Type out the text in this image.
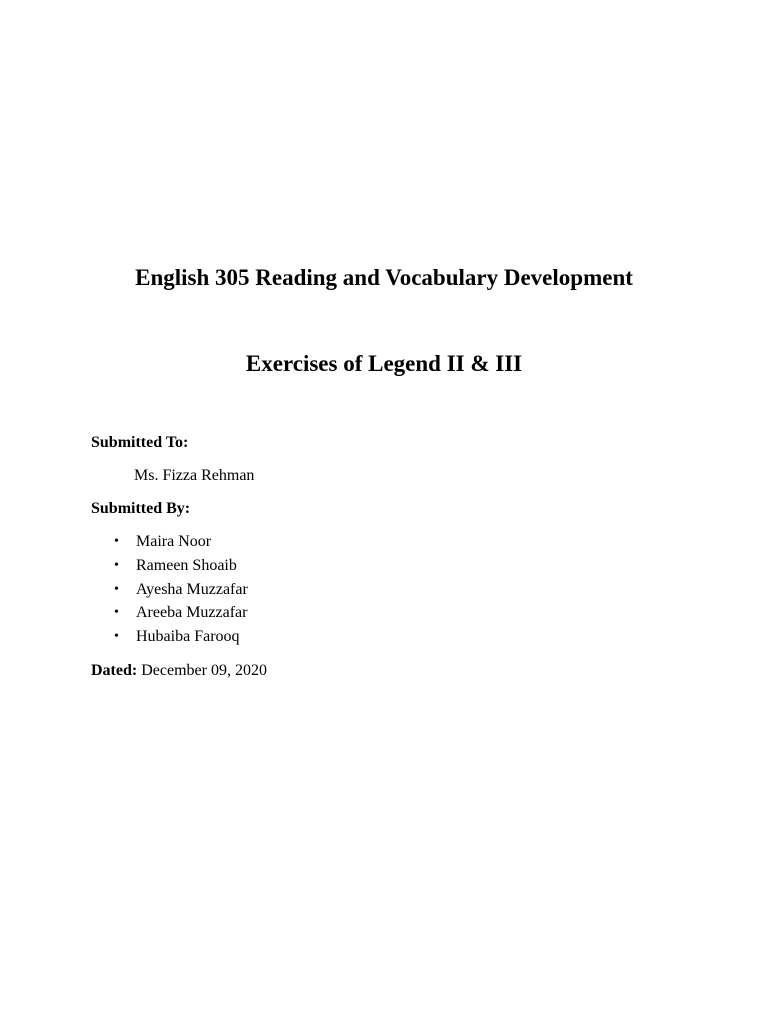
English 305 Reading and Vocabulary Development
Exercises of Legend II & III

Submitted To:

Ms. Fizza Rehman

Submitted By:

• Maira Noor
• Rameen Shoaib
• Ayesha Muzzafar
• Areeba Muzzafar
• Hubaiba Farooq
Dated: December 09, 2020
